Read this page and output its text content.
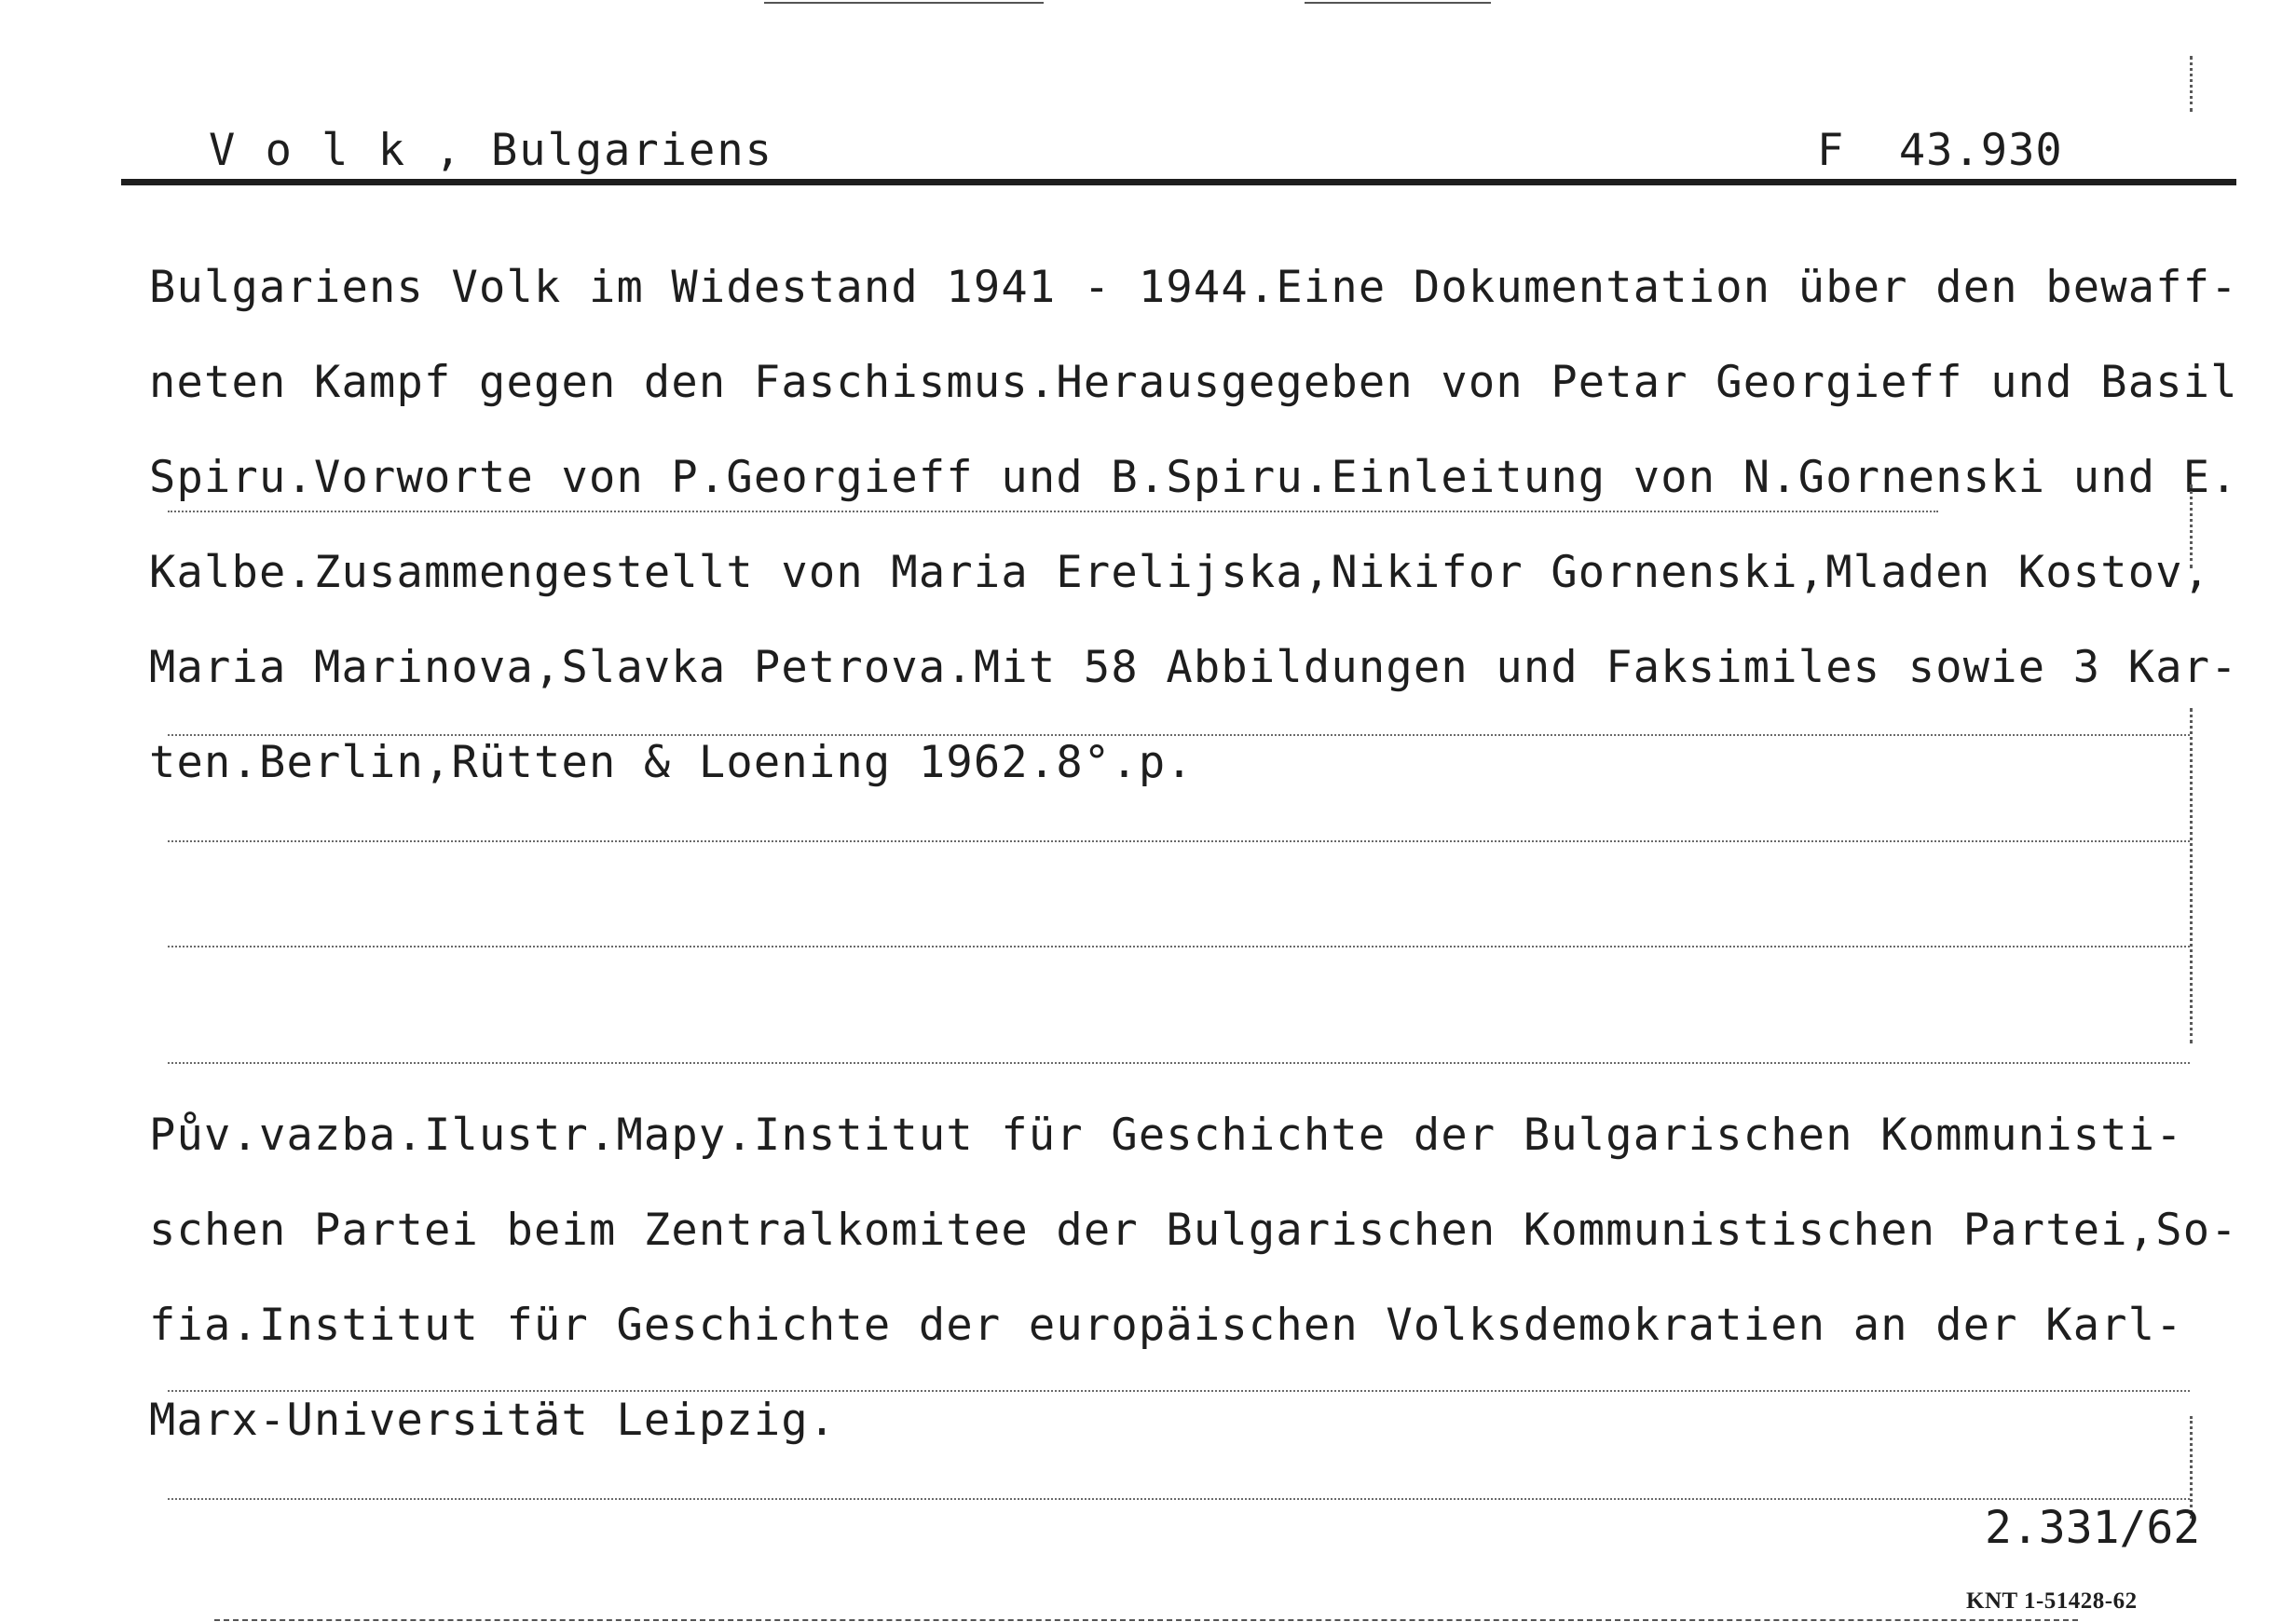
V o l k , Bulgariens	F  43.930
Bulgariens Volk im Widestand 1941 - 1944.Eine Dokumentation über den bewaff-
neten Kampf gegen den Faschismus.Herausgegeben von Petar Georgieff und Basil
Spiru.Vorworte von P.Georgieff und B.Spiru.Einleitung von N.Gornenski und E.
Kalbe.Zusammengestellt von Maria Erelijska,Nikifor Gornenski,Mladen Kostov,
Maria Marinova,Slavka Petrova.Mit 58 Abbildungen und Faksimiles sowie 3 Kar-
ten.Berlin,Rütten & Loening 1962.8°.p.
Pův.vazba.Ilustr.Mapy.Institut für Geschichte der Bulgarischen Kommunisti-
schen Partei beim Zentralkomitee der Bulgarischen Kommunistischen Partei,So-
fia.Institut für Geschichte der europäischen Volksdemokratien an der Karl-
Marx-Universität Leipzig.
2.331/62
KNT 1-51428-62
